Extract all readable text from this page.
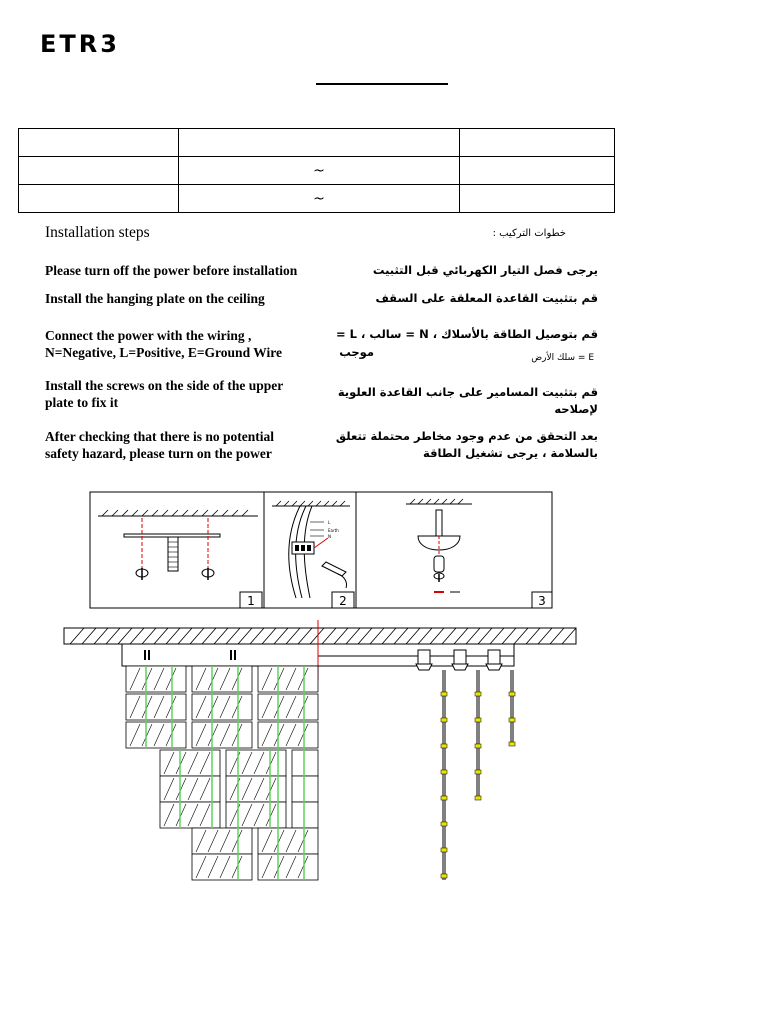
ETR3

	~	
	~	
Installation steps	خطوات التركيب :
Please turn off the power before installation	يرجى فصل التيار الكهربائي قبل التثبيت
Install the hanging plate on the ceiling	قم بتثبيت القاعدة المعلقة على السقف
Connect the power with the wiring ,
N=Negative, L=Positive, E=Ground Wire
قم بتوصيل الطاقة بالأسلاك ، N = سالب ، L =
موجب	E = سلك الأرض
Install the screws on the side of the upper
plate to fix it
قم بتثبيت المسامير على جانب القاعدة العلوية لإصلاحه
After checking that there is no potential
safety hazard, please turn on the power
بعد التحقق من عدم وجود مخاطر محتملة تتعلق
بالسلامة ، يرجى تشغيل الطاقة
1
L
Earth
N
2	3
